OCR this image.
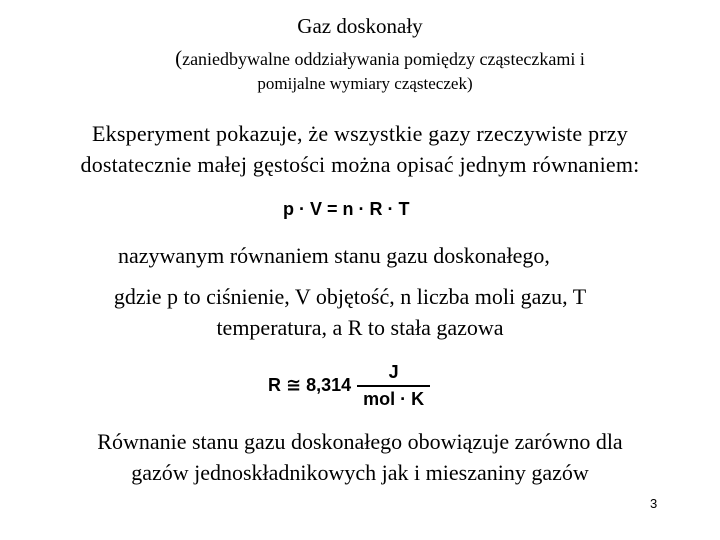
Gaz doskonały
(zaniedbywalne oddziaływania pomiędzy cząsteczkami i
pomijalne wymiary cząsteczek)
Eksperyment pokazuje, że wszystkie gazy rzeczywiste przy
dostatecznie małej gęstości można opisać jednym równaniem:
p · V = n · R · T
nazywanym równaniem stanu gazu doskonałego,
gdzie p to ciśnienie, V objętość, n liczba moli gazu, T
temperatura, a R to stała gazowa
R ≅ $8,314 \frac{J}{\text{mol · K}}$
Równanie stanu gazu doskonałego obowiązuje zarówno dla
gazów jednoskładnikowych jak i mieszaniny gazów
3
